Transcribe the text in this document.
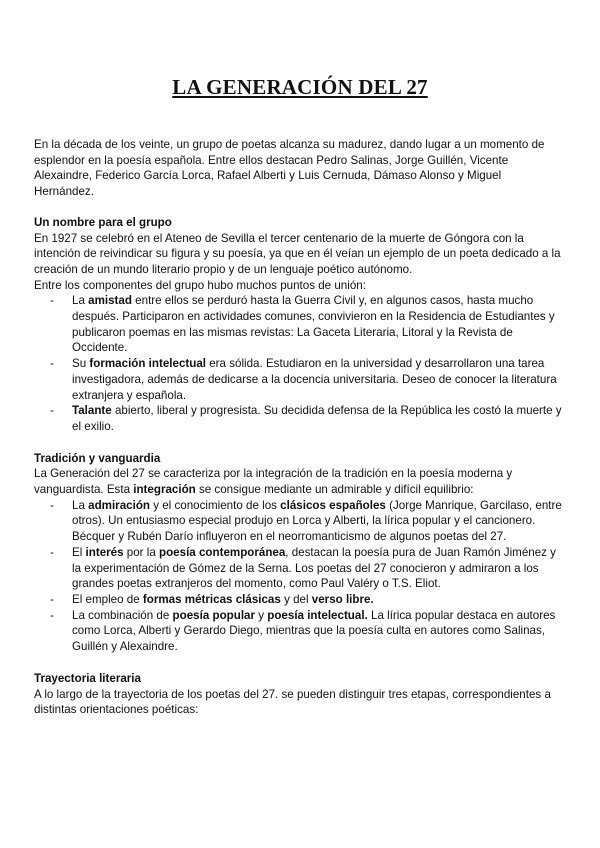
LA GENERACIÓN DEL 27

En la década de los veinte, un grupo de poetas alcanza su madurez, dando lugar a un momento de esplendor en la poesía española. Entre ellos destacan Pedro Salinas, Jorge Guillén, Vicente Alexaindre, Federico García Lorca, Rafael Alberti y Luis Cernuda, Dámaso Alonso y Miguel Hernández.

Un nombre para el grupo

En 1927 se celebró en el Ateneo de Sevilla el tercer centenario de la muerte de Góngora con la intención de reivindicar su figura y su poesía, ya que en él veían un ejemplo de un poeta dedicado a la creación de un mundo literario propio y de un lenguaje poético autónomo.

Entre los componentes del grupo hubo muchos puntos de unión:

- La amistad entre ellos se perduró hasta la Guerra Civil y, en algunos casos, hasta mucho después. Participaron en actividades comunes, convivieron en la Residencia de Estudiantes y publicaron poemas en las mismas revistas: La Gaceta Literaria, Litoral y la Revista de Occidente.
- Su formación intelectual era sólida. Estudiaron en la universidad y desarrollaron una tarea investigadora, además de dedicarse a la docencia universitaria. Deseo de conocer la literatura extranjera y española.
- Talante abierto, liberal y progresista. Su decidida defensa de la República les costó la muerte y el exilio.

Tradición y vanguardia

La Generación del 27 se caracteriza por la integración de la tradición en la poesía moderna y vanguardista. Esta integración se consigue mediante un admirable y difícil equilibrio:

- La admiración y el conocimiento de los clásicos españoles (Jorge Manrique, Garcilaso, entre otros). Un entusiasmo especial produjo en Lorca y Alberti, la lírica popular y el cancionero. Bécquer y Rubén Darío influyeron en el neorromanticismo de algunos poetas del 27.
- El interés por la poesía contemporánea, destacan la poesía pura de Juan Ramón Jiménez y la experimentación de Gómez de la Serna. Los poetas del 27 conocieron y admiraron a los grandes poetas extranjeros del momento, como Paul Valéry o T.S. Eliot.
- El empleo de formas métricas clásicas y del verso libre.
- La combinación de poesía popular y poesía intelectual. La lírica popular destaca en autores como Lorca, Alberti y Gerardo Diego, mientras que la poesía culta en autores como Salinas, Guillén y Alexaindre.

Trayectoria literaria

A lo largo de la trayectoria de los poetas del 27. se pueden distinguir tres etapas, correspondientes a distintas orientaciones poéticas:
